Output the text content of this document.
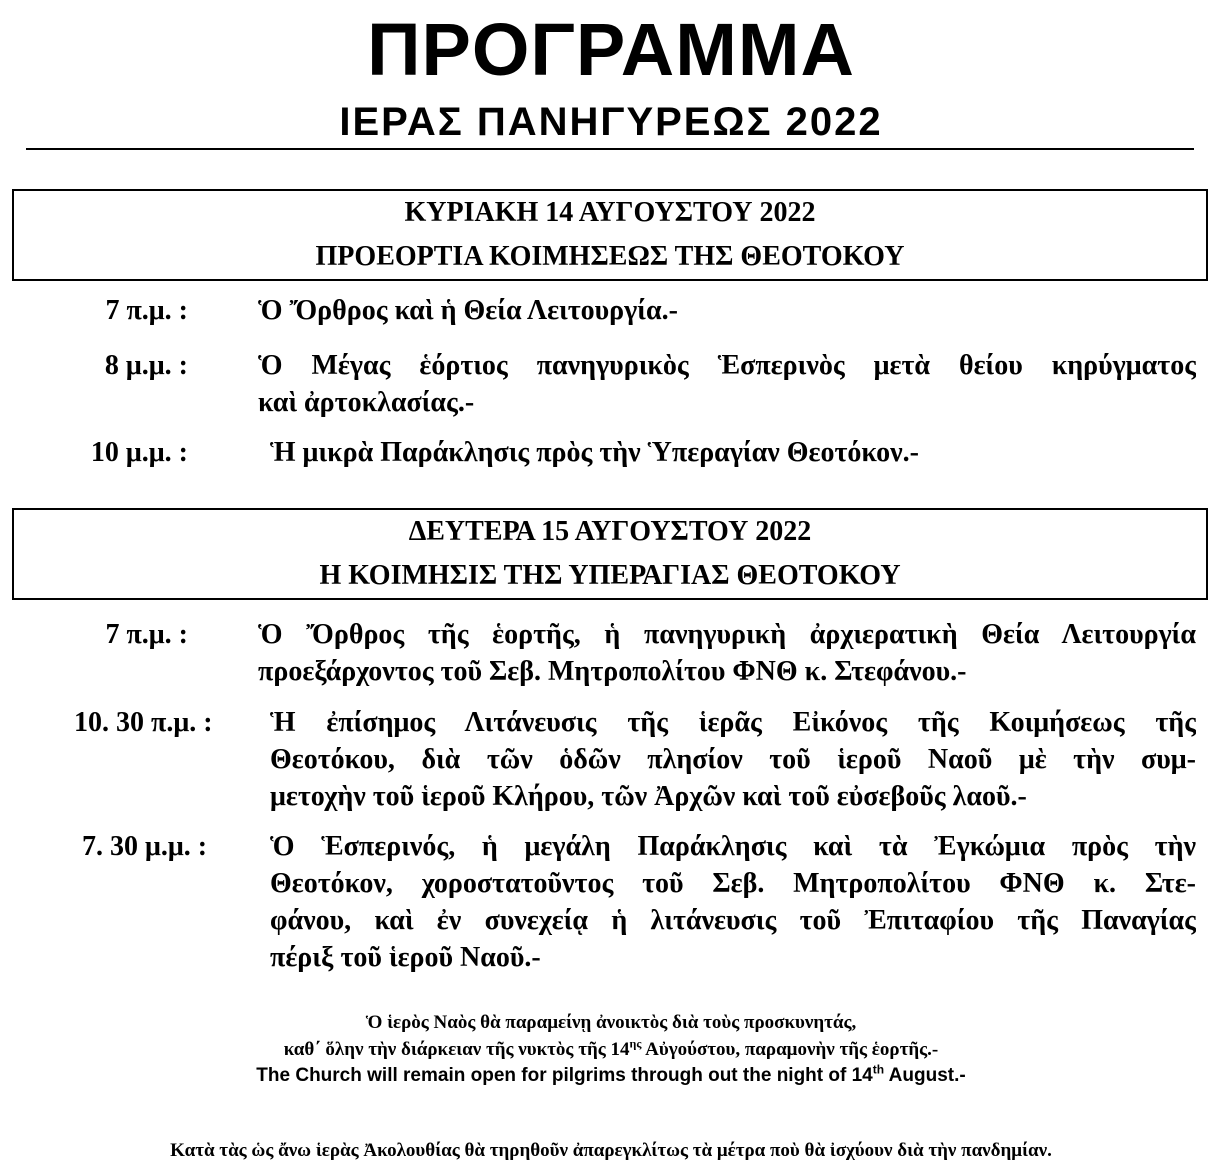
ΠΡΟΓΡΑΜΜΑ
ΙΕΡΑΣ ΠΑΝΗΓΥΡΕΩΣ 2022
ΚΥΡΙΑΚΗ 14 ΑΥΓΟΥΣΤΟΥ 2022
ΠΡΟΕΟΡΤΙΑ ΚΟΙΜΗΣΕΩΣ ΤΗΣ ΘΕΟΤΟΚΟΥ
7 π.μ. :	Ὁ Ὄρθρος καὶ ἡ Θεία Λειτουργία.-
8 μ.μ. :	Ὁ Μέγας ἑόρτιος πανηγυρικὸς Ἑσπερινὸς μετὰ θείου κηρύγματος
καὶ ἀρτοκλασίας.-
10 μ.μ. :	Ἡ μικρὰ Παράκλησις πρὸς τὴν Ὑπεραγίαν Θεοτόκον.-
ΔΕΥΤΕΡΑ 15 ΑΥΓΟΥΣΤΟΥ 2022
Η ΚΟΙΜΗΣΙΣ ΤΗΣ ΥΠΕΡΑΓΙΑΣ ΘΕΟΤΟΚΟΥ
7 π.μ. :	Ὁ Ὄρθρος τῆς ἑορτῆς, ἡ πανηγυρικὴ ἀρχιερατικὴ Θεία Λειτουργία
προεξάρχοντος τοῦ Σεβ. Μητροπολίτου ΦΝΘ κ. Στεφάνου.-
10. 30 π.μ. :	Ἡ ἐπίσημος Λιτάνευσις τῆς ἱερᾶς Εἰκόνος τῆς Κοιμήσεως τῆς
Θεοτόκου, διὰ τῶν ὁδῶν πλησίον τοῦ ἱεροῦ Ναοῦ μὲ τὴν συμ-
μετοχὴν τοῦ ἱεροῦ Κλήρου, τῶν Ἀρχῶν καὶ τοῦ εὐσεβοῦς λαοῦ.-
7. 30 μ.μ. :	Ὁ Ἑσπερινός, ἡ μεγάλη Παράκλησις καὶ τὰ Ἐγκώμια πρὸς τὴν
Θεοτόκον, χοροστατοῦντος τοῦ Σεβ. Μητροπολίτου ΦΝΘ κ. Στε-
φάνου, καὶ ἐν συνεχείᾳ ἡ λιτάνευσις τοῦ Ἐπιταφίου τῆς Παναγίας
πέριξ τοῦ ἱεροῦ Ναοῦ.-
Ὁ ἱερὸς Ναὸς θὰ παραμείνῃ ἀνοικτὸς διὰ τοὺς προσκυνητάς,
καθ΄ ὅλην τὴν διάρκειαν τῆς νυκτὸς τῆς $14^{\eta\varsigma}$ Αὐγούστου, παραμονὴν τῆς ἑορτῆς.-
The Church will remain open for pilgrims through out the night of 14th August.-
Κατὰ τὰς ὡς ἄνω ἱερὰς Ἀκολουθίας θὰ τηρηθοῦν ἀπαρεγκλίτως τὰ μέτρα ποὺ θὰ ἰσχύουν διὰ τὴν πανδημίαν.
